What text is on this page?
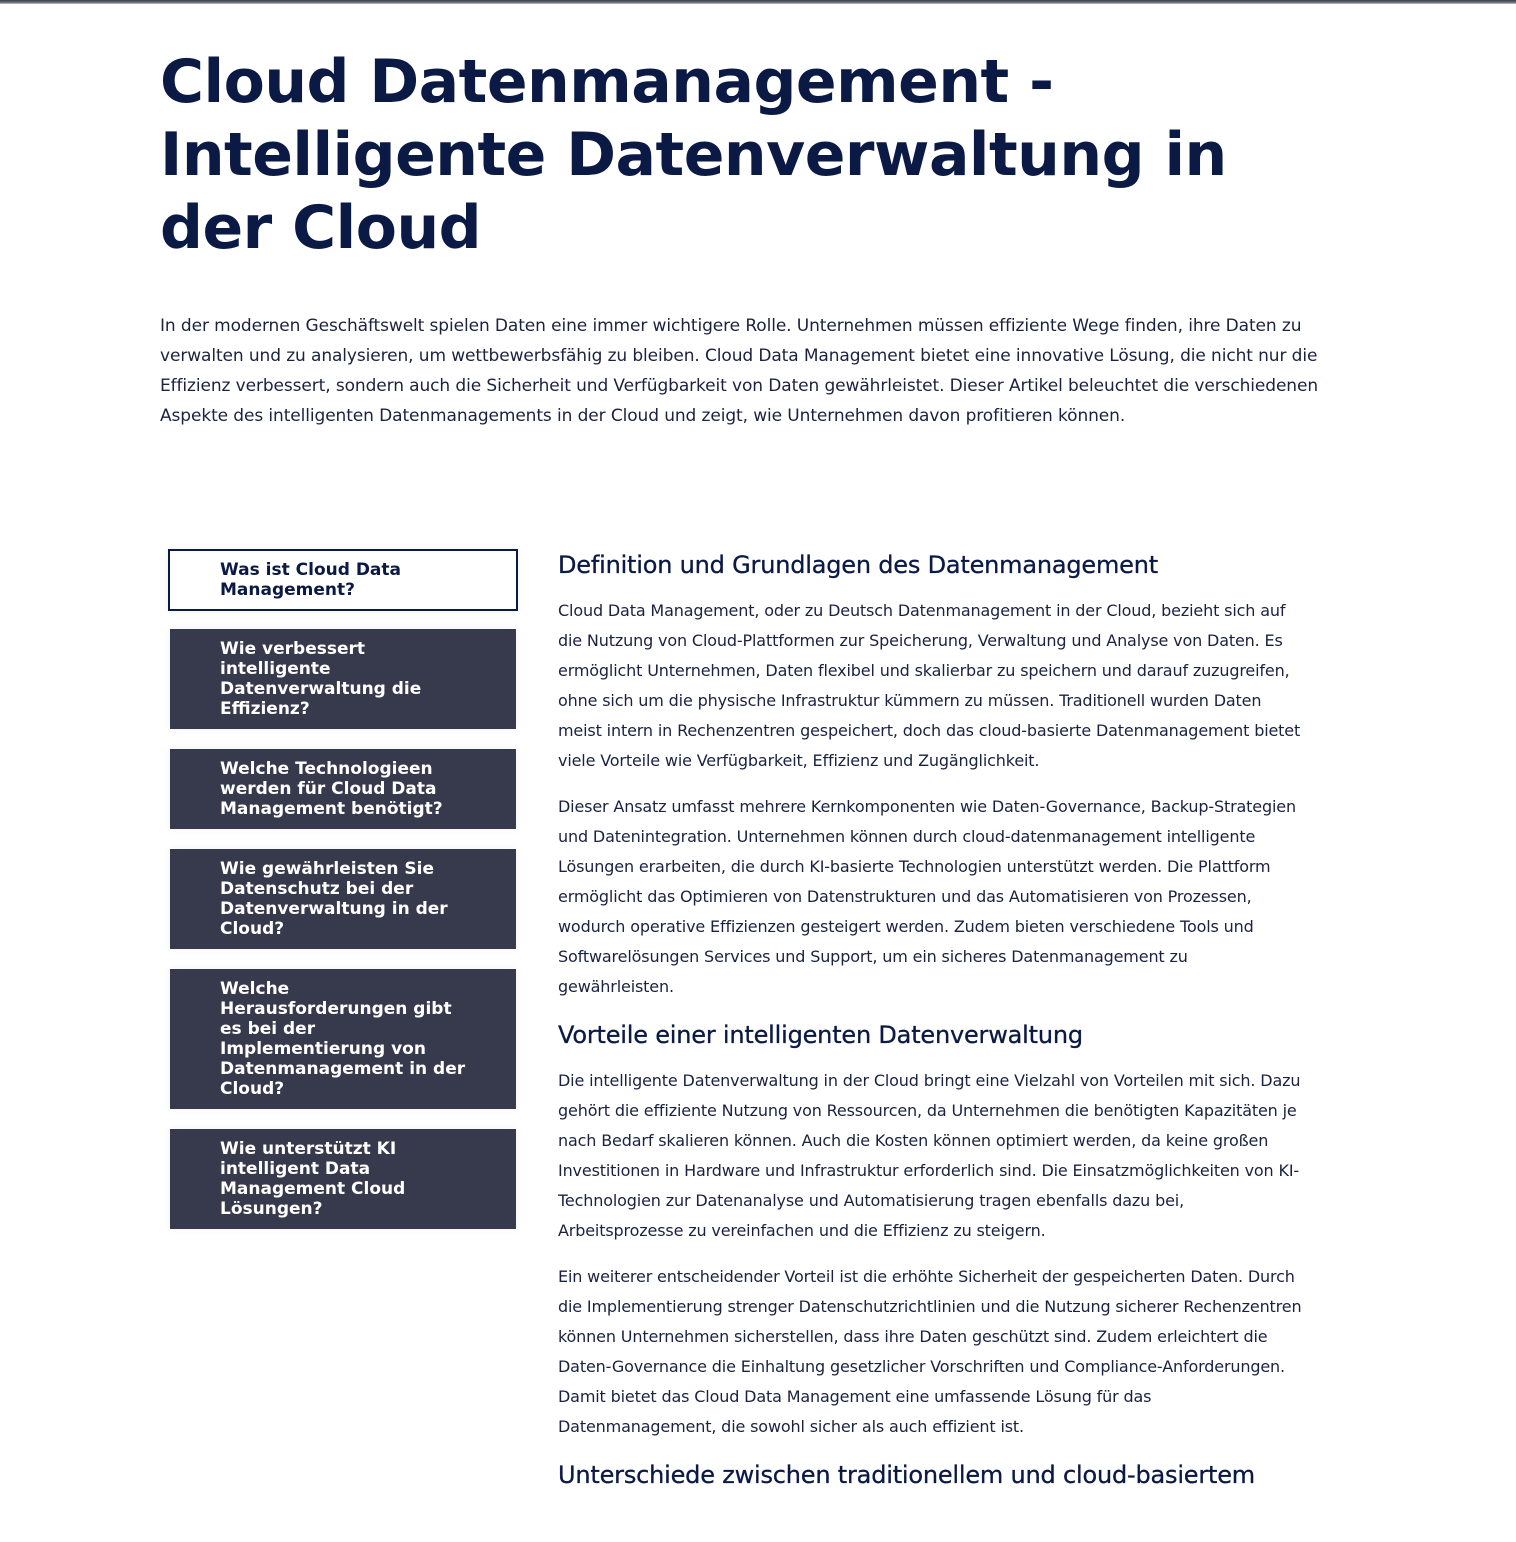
Cloud Datenmanagement - Intelligente Datenverwaltung in der Cloud

In der modernen Geschäftswelt spielen Daten eine immer wichtigere Rolle. Unternehmen müssen effiziente Wege finden, ihre Daten zu verwalten und zu analysieren, um wettbewerbsfähig zu bleiben. Cloud Data Management bietet eine innovative Lösung, die nicht nur die Effizienz verbessert, sondern auch die Sicherheit und Verfügbarkeit von Daten gewährleistet. Dieser Artikel beleuchtet die verschiedenen Aspekte des intelligenten Datenmanagements in der Cloud und zeigt, wie Unternehmen davon profitieren können.

Was ist Cloud Data Management?
Wie verbessert intelligente Datenverwaltung die Effizienz?
Welche Technologieen werden für Cloud Data Management benötigt?
Wie gewährleisten Sie Datenschutz bei der Datenverwaltung in der Cloud?
Welche Herausforderungen gibt es bei der Implementierung von Datenmanagement in der Cloud?
Wie unterstützt KI intelligent Data Management Cloud Lösungen?
Definition und Grundlagen des Datenmanagement

Cloud Data Management, oder zu Deutsch Datenmanagement in der Cloud, bezieht sich auf die Nutzung von Cloud-Plattformen zur Speicherung, Verwaltung und Analyse von Daten. Es ermöglicht Unternehmen, Daten flexibel und skalierbar zu speichern und darauf zuzugreifen, ohne sich um die physische Infrastruktur kümmern zu müssen. Traditionell wurden Daten meist intern in Rechenzentren gespeichert, doch das cloud-basierte Datenmanagement bietet viele Vorteile wie Verfügbarkeit, Effizienz und Zugänglichkeit.

Dieser Ansatz umfasst mehrere Kernkomponenten wie Daten-Governance, Backup-Strategien und Datenintegration. Unternehmen können durch cloud-datenmanagement intelligente Lösungen erarbeiten, die durch KI-basierte Technologien unterstützt werden. Die Plattform ermöglicht das Optimieren von Datenstrukturen und das Automatisieren von Prozessen, wodurch operative Effizienzen gesteigert werden. Zudem bieten verschiedene Tools und Softwarelösungen Services und Support, um ein sicheres Datenmanagement zu gewährleisten.

Vorteile einer intelligenten Datenverwaltung

Die intelligente Datenverwaltung in der Cloud bringt eine Vielzahl von Vorteilen mit sich. Dazu gehört die effiziente Nutzung von Ressourcen, da Unternehmen die benötigten Kapazitäten je nach Bedarf skalieren können. Auch die Kosten können optimiert werden, da keine großen Investitionen in Hardware und Infrastruktur erforderlich sind. Die Einsatzmöglichkeiten von KI-Technologien zur Datenanalyse und Automatisierung tragen ebenfalls dazu bei, Arbeitsprozesse zu vereinfachen und die Effizienz zu steigern.

Ein weiterer entscheidender Vorteil ist die erhöhte Sicherheit der gespeicherten Daten. Durch die Implementierung strenger Datenschutzrichtlinien und die Nutzung sicherer Rechenzentren können Unternehmen sicherstellen, dass ihre Daten geschützt sind. Zudem erleichtert die Daten-Governance die Einhaltung gesetzlicher Vorschriften und Compliance-Anforderungen. Damit bietet das Cloud Data Management eine umfassende Lösung für das Datenmanagement, die sowohl sicher als auch effizient ist.

Unterschiede zwischen traditionellem und cloud-basiertem
